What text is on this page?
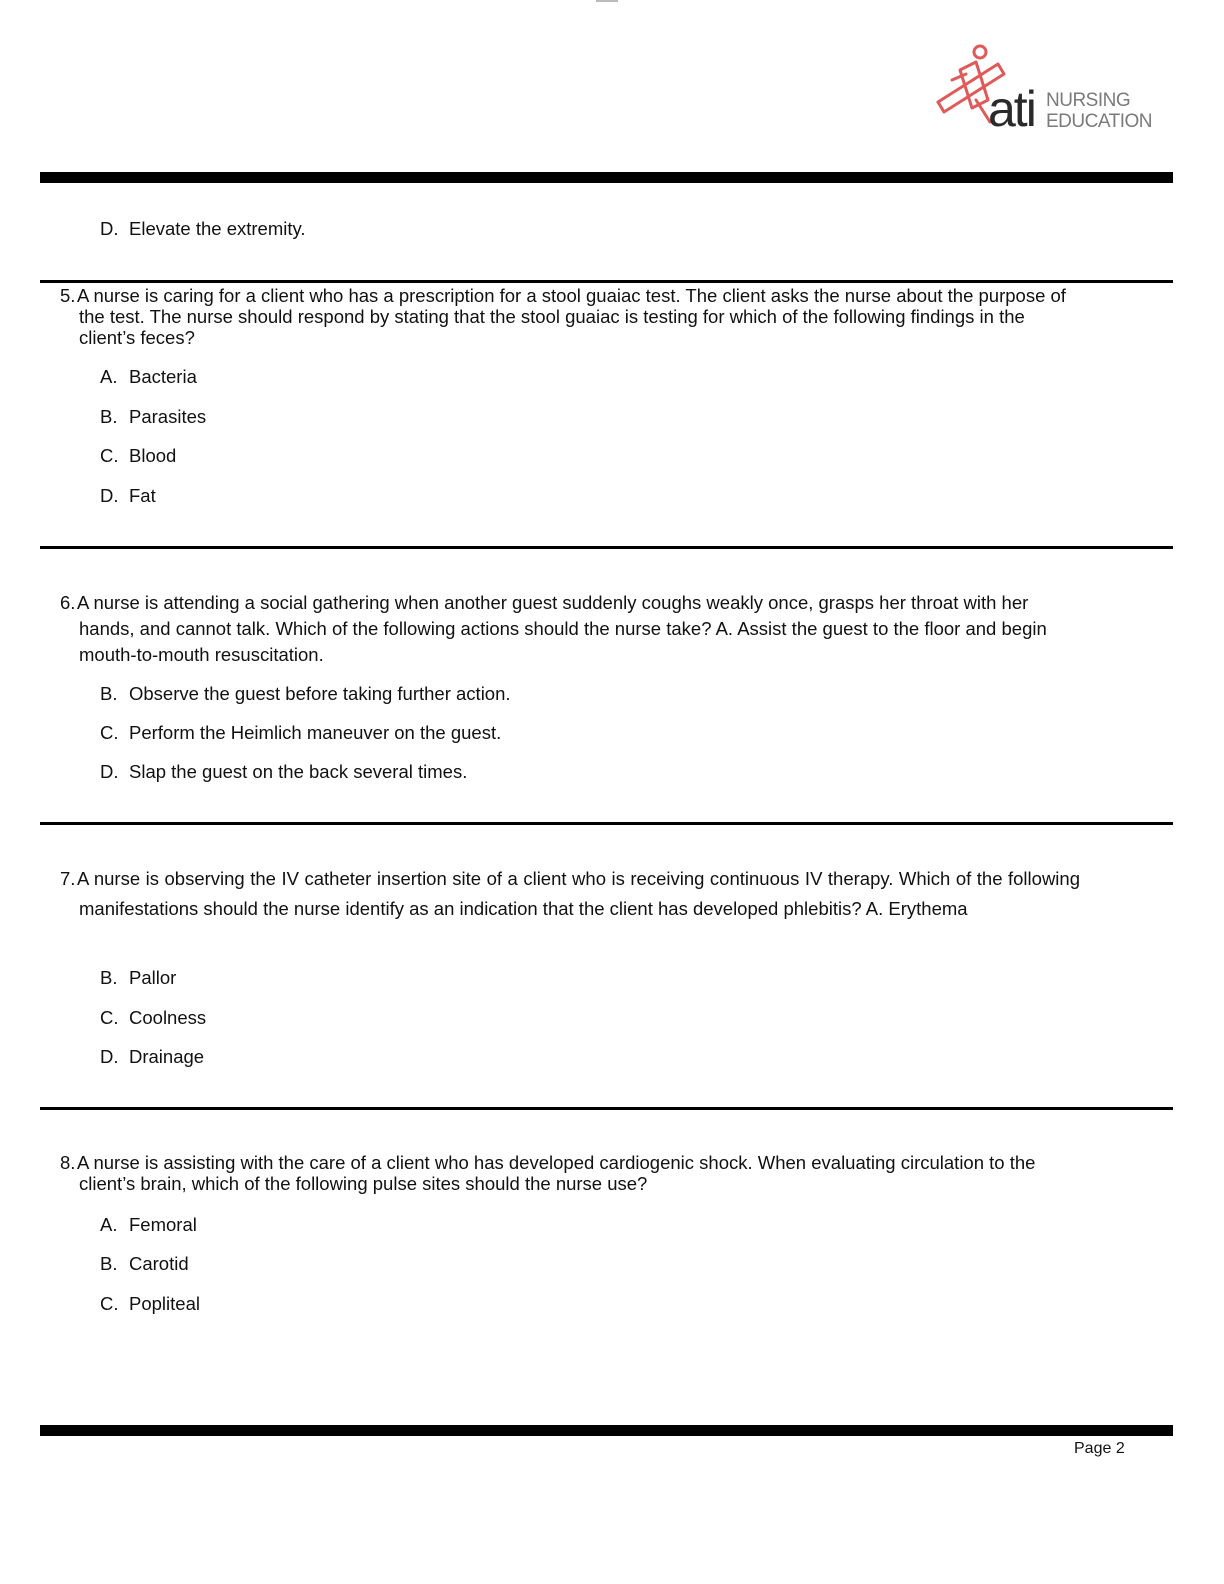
ati NURSING
EDUCATION
D. Elevate the extremity.
5. A nurse is caring for a client who has a prescription for a stool guaiac test. The client asks the nurse about the purpose of the test. The nurse should respond by stating that the stool guaiac is testing for which of the following findings in the client’s feces?
A. Bacteria
B. Parasites
C. Blood
D. Fat
6. A nurse is attending a social gathering when another guest suddenly coughs weakly once, grasps her throat with her hands, and cannot talk. Which of the following actions should the nurse take? A. Assist the guest to the floor and begin mouth-to-mouth resuscitation.
B. Observe the guest before taking further action.
C. Perform the Heimlich maneuver on the guest.
D. Slap the guest on the back several times.
7. A nurse is observing the IV catheter insertion site of a client who is receiving continuous IV therapy. Which of the following manifestations should the nurse identify as an indication that the client has developed phlebitis? A. Erythema
B. Pallor
C. Coolness
D. Drainage
8. A nurse is assisting with the care of a client who has developed cardiogenic shock. When evaluating circulation to the client’s brain, which of the following pulse sites should the nurse use?
A. Femoral
B. Carotid
C. Popliteal
Page 2
